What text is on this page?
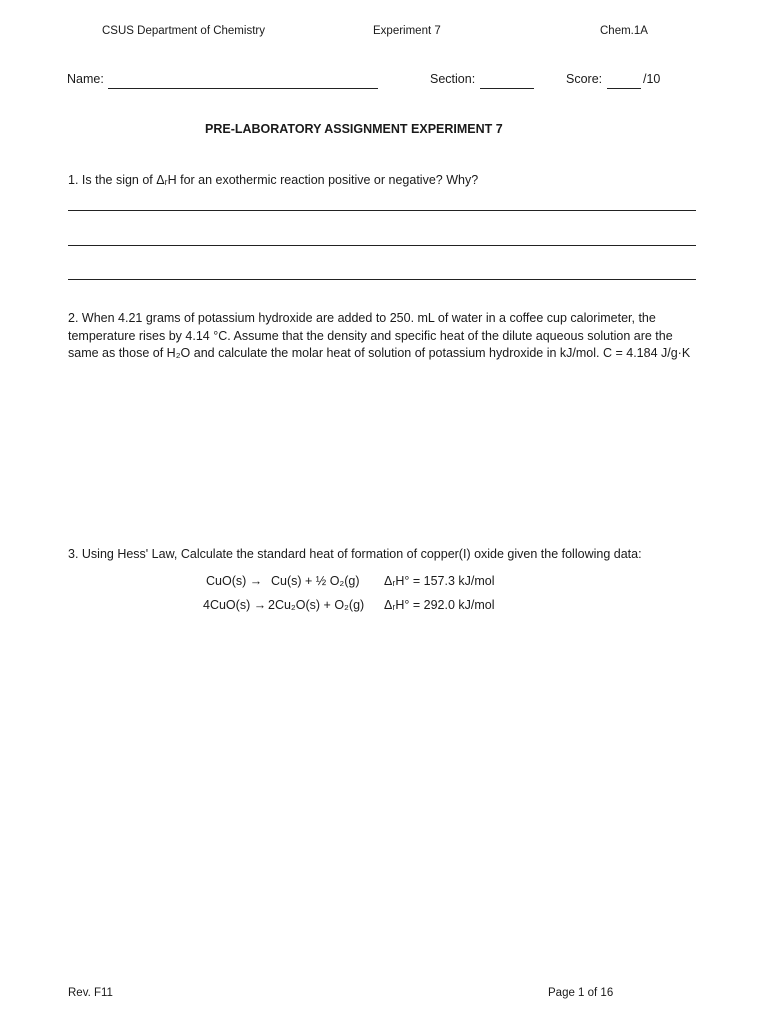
CSUS Department of Chemistry	Experiment 7	Chem.1A
Name:	Section:	Score:	/10
PRE-LABORATORY ASSIGNMENT EXPERIMENT 7
1. Is the sign of ΔᵣH for an exothermic reaction positive or negative? Why?
2. When 4.21 grams of potassium hydroxide are added to 250. mL of water in a coffee cup calorimeter, the
temperature rises by 4.14 °C. Assume that the density and specific heat of the dilute aqueous solution are the
same as those of H₂O and calculate the molar heat of solution of potassium hydroxide in kJ/mol. C = 4.184 J/g·K
3. Using Hess' Law, Calculate the standard heat of formation of copper(I) oxide given the following data:
CuO(s) → Cu(s) + ½ O₂(g) ΔᵣH° = 157.3 kJ/mol
4CuO(s) → 2Cu₂O(s) + O₂(g) ΔᵣH° = 292.0 kJ/mol
Rev. F11	Page 1 of 16
